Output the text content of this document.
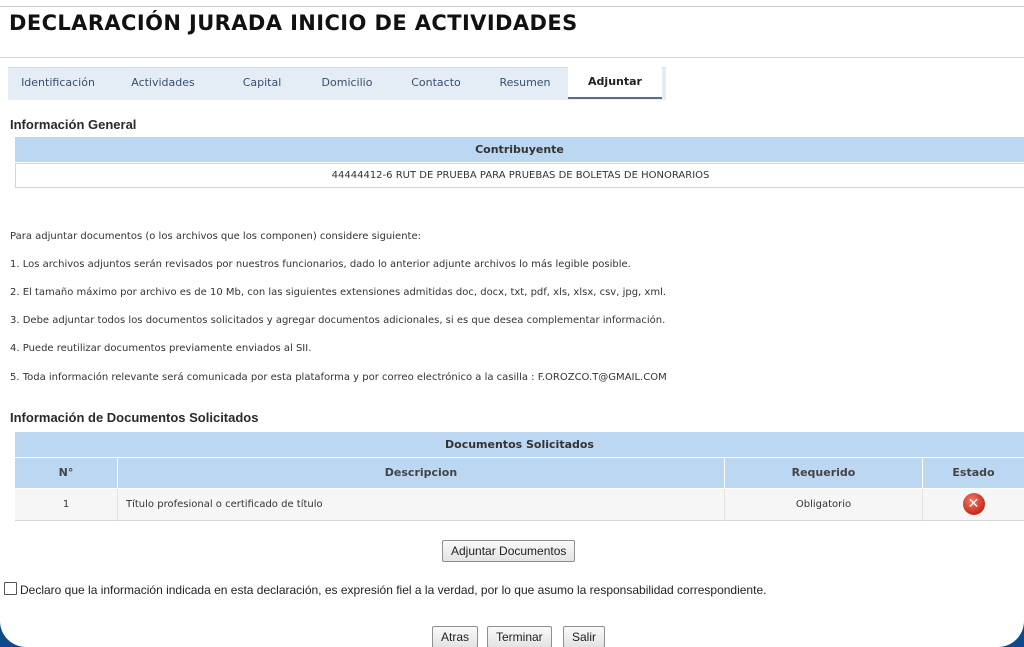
DECLARACIÓN JURADA INICIO DE ACTIVIDADES
Identificación	Actividades	Capital	Domicilio	Contacto	Resumen	Adjuntar
Información General
Contribuyente
44444412-6 RUT DE PRUEBA PARA PRUEBAS DE BOLETAS DE HONORARIOS
Para adjuntar documentos (o los archivos que los componen) considere siguiente:
1. Los archivos adjuntos serán revisados por nuestros funcionarios, dado lo anterior adjunte archivos lo más legible posible.
2. El tamaño máximo por archivo es de 10 Mb, con las siguientes extensiones admitidas doc, docx, txt, pdf, xls, xlsx, csv, jpg, xml.
3. Debe adjuntar todos los documentos solicitados y agregar documentos adicionales, si es que desea complementar información.
4. Puede reutilizar documentos previamente enviados al SII.
5. Toda información relevante será comunicada por esta plataforma y por correo electrónico a la casilla : F.OROZCO.T@GMAIL.COM
Información de Documentos Solicitados
Documentos Solicitados
N°	Descripcion	Requerido	Estado
1	Título profesional o certificado de título	Obligatorio	✕
Adjuntar Documentos
Declaro que la información indicada en esta declaración, es expresión fiel a la verdad, por lo que asumo la responsabilidad correspondiente.
Atras	Terminar	Salir
